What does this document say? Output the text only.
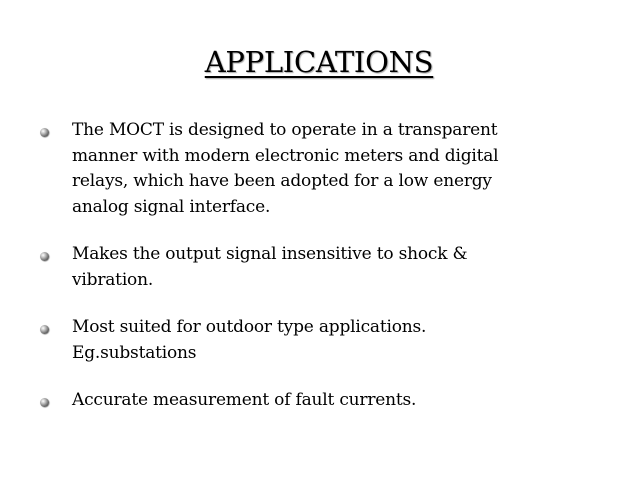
APPLICATIONS
The MOCT is designed to operate in a transparent
manner with modern electronic meters and digital
relays, which have been adopted for a low energy
analog signal interface.
Makes the output signal insensitive to shock &
vibration.
Most suited for outdoor type applications.
Eg.substations
Accurate measurement of fault currents.
